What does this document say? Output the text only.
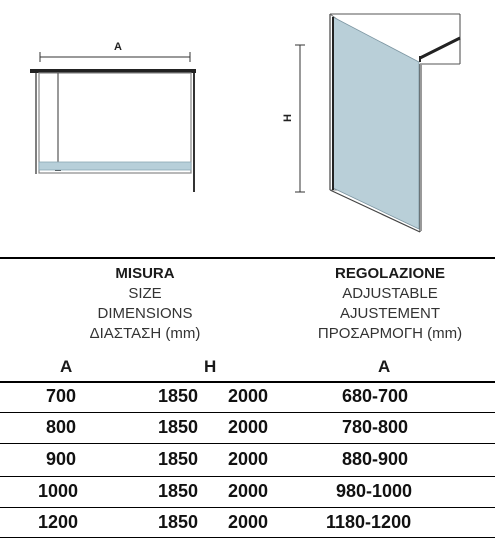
A
H
MISURA
SIZE
DIMENSIONS
ΔΙΑΣΤΑΣΗ (mm)
REGOLAZIONE
ADJUSTABLE
AJUSTEMENT
ΠΡΟΣΑΡΜΟΓΗ (mm)
A	H	A
700	1850 2000	680-700
800	1850 2000	780-800
900	1850 2000	880-900
1000	1850 2000	980-1000
1200	1850 2000	1180-1200
